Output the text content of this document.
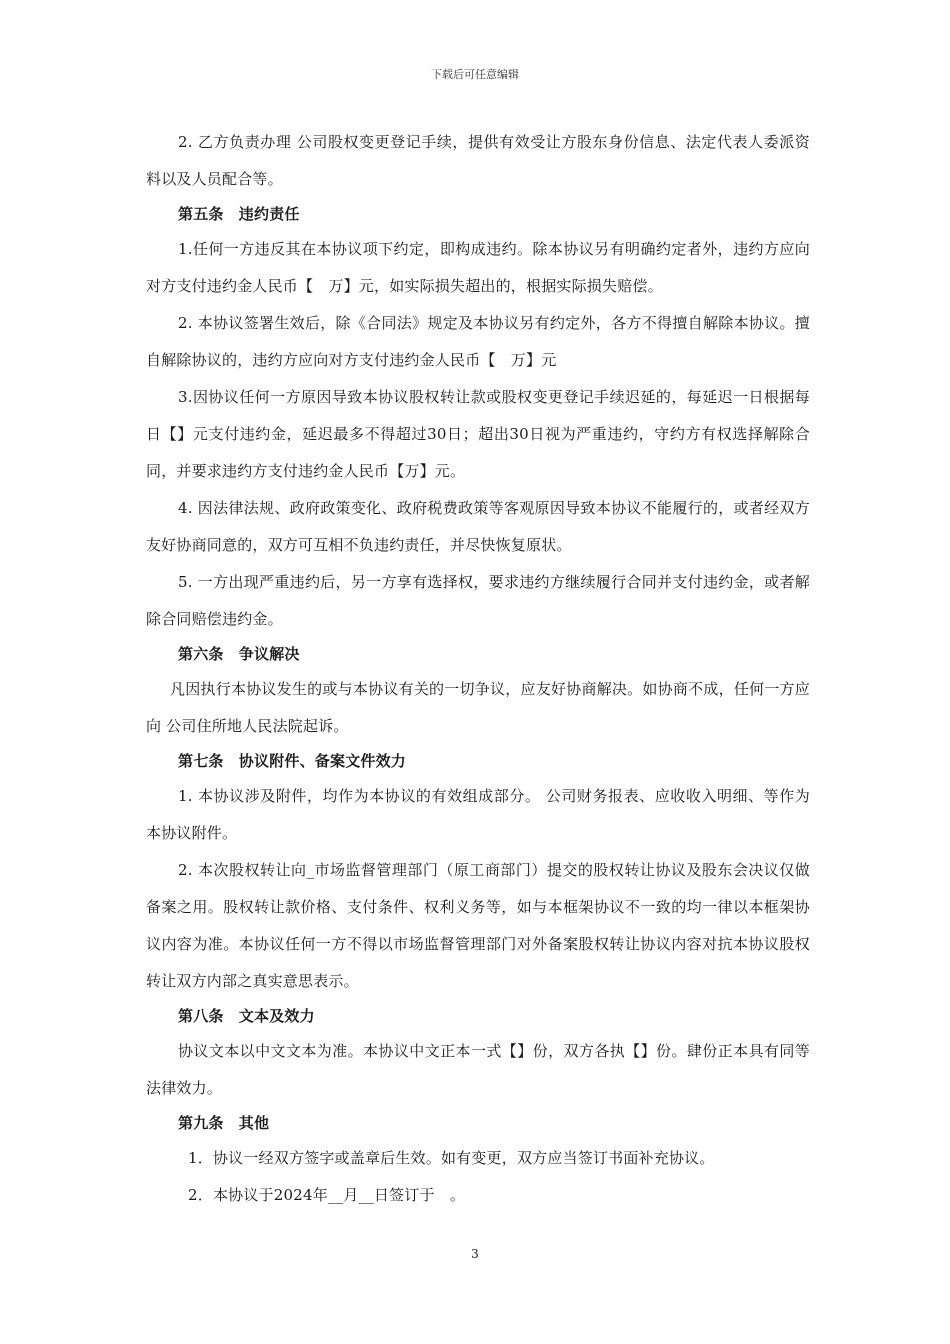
下载后可任意编辑

2. 乙方负责办理 公司股权变更登记手续，提供有效受让方股东身份信息、法定代表人委派资料以及人员配合等。

第五条　违约责任

1.任何一方违反其在本协议项下约定，即构成违约。除本协议另有明确约定者外，违约方应向对方支付违约金人民币【　万】元，如实际损失超出的，根据实际损失赔偿。

2. 本协议签署生效后，除《合同法》规定及本协议另有约定外，各方不得擅自解除本协议。擅自解除协议的，违约方应向对方支付违约金人民币【　万】元

3.因协议任何一方原因导致本协议股权转让款或股权变更登记手续迟延的，每延迟一日根据每日【】元支付违约金，延迟最多不得超过30日；超出30日视为严重违约，守约方有权选择解除合同，并要求违约方支付违约金人民币【万】元。

4. 因法律法规、政府政策变化、政府税费政策等客观原因导致本协议不能履行的，或者经双方友好协商同意的，双方可互相不负违约责任，并尽快恢复原状。

5. 一方出现严重违约后，另一方享有选择权，要求违约方继续履行合同并支付违约金，或者解除合同赔偿违约金。

第六条　争议解决

凡因执行本协议发生的或与本协议有关的一切争议，应友好协商解决。如协商不成，任何一方应向 公司住所地人民法院起诉。

第七条　协议附件、备案文件效力

1. 本协议涉及附件，均作为本协议的有效组成部分。 公司财务报表、应收收入明细、等作为本协议附件。

2. 本次股权转让向_市场监督管理部门（原工商部门）提交的股权转让协议及股东会决议仅做备案之用。股权转让款价格、支付条件、权利义务等，如与本框架协议不一致的均一律以本框架协议内容为准。本协议任何一方不得以市场监督管理部门对外备案股权转让协议内容对抗本协议股权转让双方内部之真实意思表示。

第八条　文本及效力

协议文本以中文文本为准。本协议中文正本一式【】份，双方各执【】份。肆份正本具有同等法律效力。

第九条　其他

1．协议一经双方签字或盖章后生效。如有变更，双方应当签订书面补充协议。

2．本协议于2024年__月__日签订于　。

3
